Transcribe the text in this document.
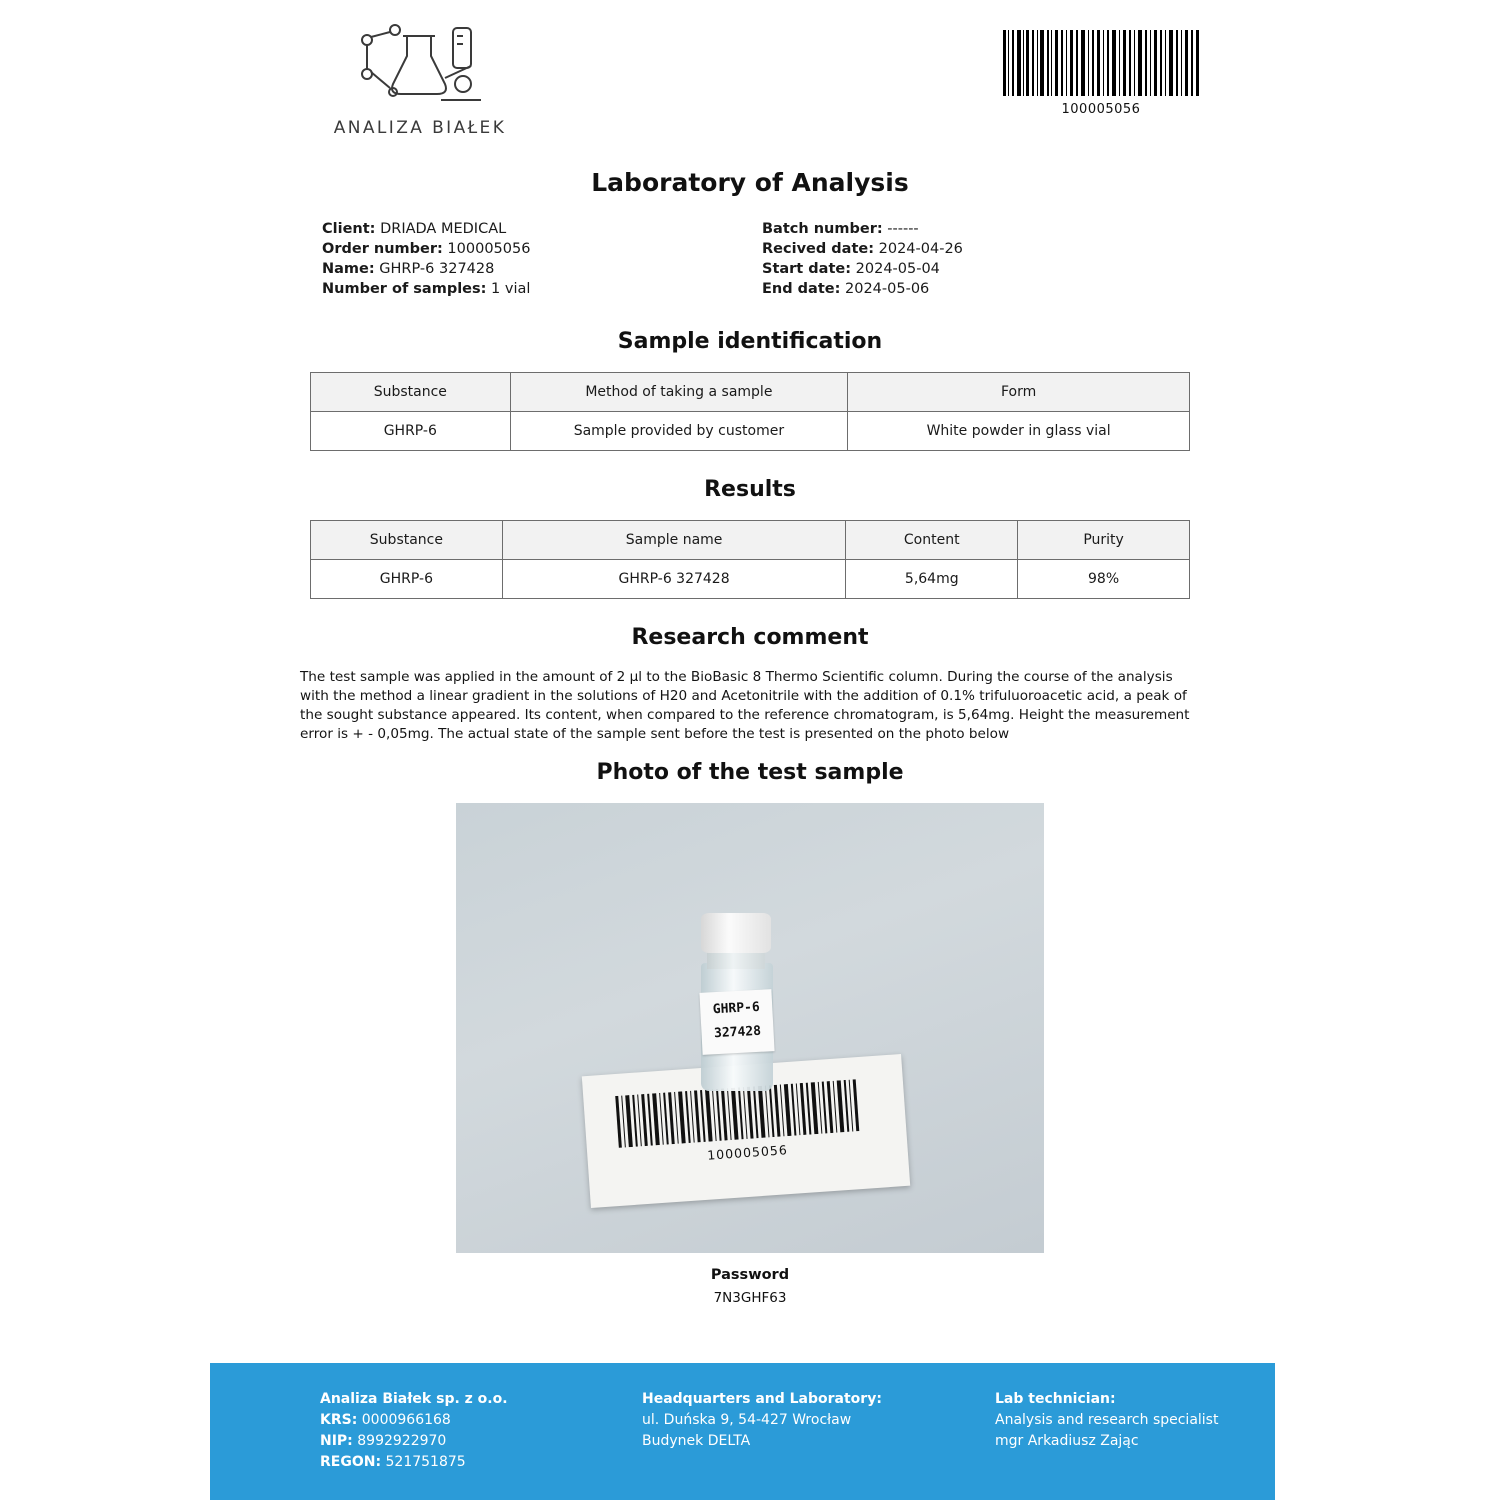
ANALIZA BIAŁEK
100005056
Laboratory of Analysis
Client: DRIADA MEDICAL
Order number: 100005056
Name: GHRP-6 327428
Number of samples: 1 vial
Batch number: ------
Recived date: 2024-04-26
Start date: 2024-05-04
End date: 2024-05-06
Sample identification
Substance	Method of taking a sample	Form
GHRP-6	Sample provided by customer	White powder in glass vial
Results
Substance	Sample name	Content	Purity
GHRP-6	GHRP-6 327428	5,64mg	98%
Research comment
The test sample was applied in the amount of 2 µl to the BioBasic 8 Thermo Scientific column. During the course of the analysis with the method a linear gradient in the solutions of H20 and Acetonitrile with the addition of 0.1% trifuluoroacetic acid, a peak of the sought substance appeared. Its content, when compared to the reference chromatogram, is 5,64mg. Height the measurement error is + - 0,05mg. The actual state of the sample sent before the test is presented on the photo below
Photo of the test sample
100005056
GHRP-6
327428
Password
7N3GHF63
Analiza Białek sp. z o.o.
KRS: 0000966168
NIP: 8992922970
REGON: 521751875
Headquarters and Laboratory:
ul. Duńska 9, 54-427 Wrocław
Budynek DELTA
Lab technician:
Analysis and research specialist
mgr Arkadiusz Zając
